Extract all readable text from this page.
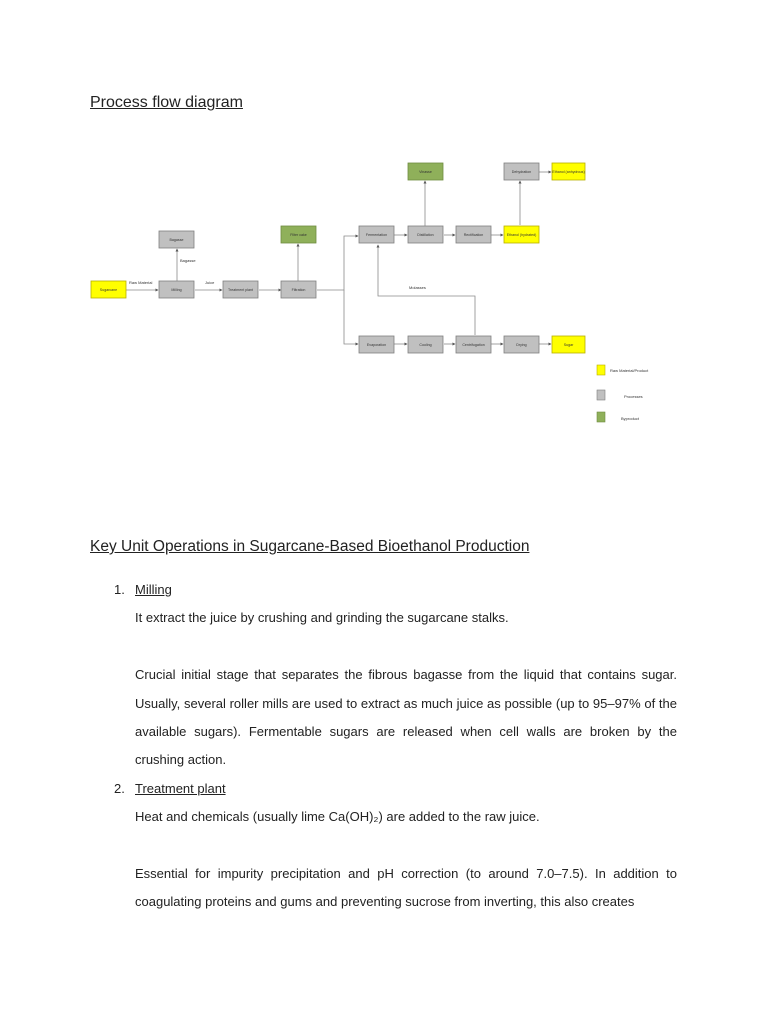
Process flow diagram
Raw Material	Juice
Bagasse
Molasses
Sugarcane	Milling
Bagasse
Treatment plant	Filtration
Filter cake	Fermentation	Distillation	Rectification	Ethanol (hydrated)
Vinasse	Dehydration	Ethanol (anhydrous)
Evaporation	Cooling	Centrifugation	Drying	Sugar
Raw Material/Product
Processes
Byproduct
Key Unit Operations in Sugarcane-Based Bioethanol Production
1. Milling

It extract the juice by crushing and grinding the sugarcane stalks.

Crucial initial stage that separates the fibrous bagasse from the liquid that contains sugar. Usually, several roller mills are used to extract as much juice as possible (up to 95–97% of the available sugars). Fermentable sugars are released when cell walls are broken by the crushing action.

2. Treatment plant

Heat and chemicals (usually lime Ca(OH)₂) are added to the raw juice.

Essential for impurity precipitation and pH correction (to around 7.0–7.5). In addition to coagulating proteins and gums and preventing sucrose from inverting, this also creates
